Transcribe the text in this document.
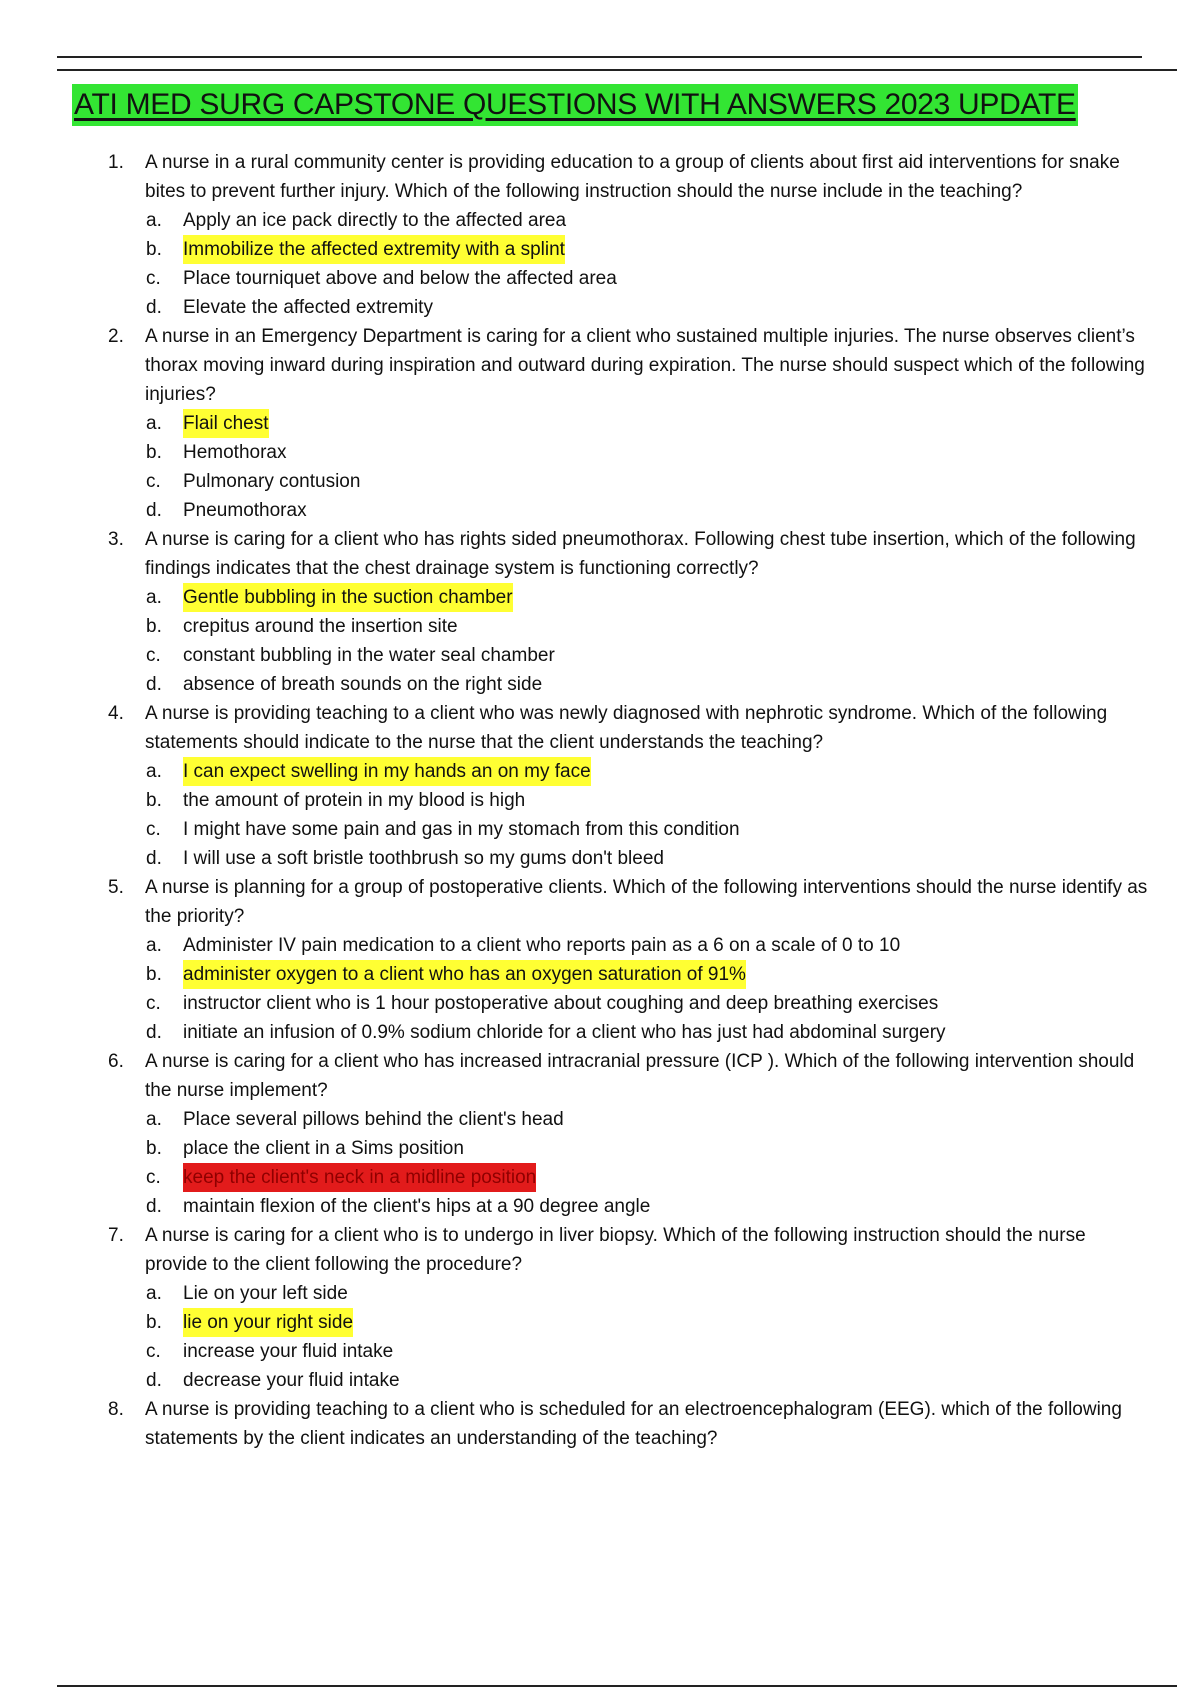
ATI MED SURG CAPSTONE QUESTIONS WITH ANSWERS 2023 UPDATE
1.	A nurse in a rural community center is providing education to a group of clients about first aid interventions for snake bites to prevent further injury. Which of the following instruction should the nurse include in the teaching?
a.	Apply an ice pack directly to the affected area
b.	Immobilize the affected extremity with a splint
c.	Place tourniquet above and below the affected area
d.	Elevate the affected extremity
2.	A nurse in an Emergency Department is caring for a client who sustained multiple injuries. The nurse observes client’s thorax moving inward during inspiration and outward during expiration. The nurse should suspect which of the following injuries?
a.	Flail chest
b.	Hemothorax
c.	Pulmonary contusion
d.	Pneumothorax
3.	A nurse is caring for a client who has rights sided pneumothorax. Following chest tube insertion, which of the following findings indicates that the chest drainage system is functioning correctly?
a.	Gentle bubbling in the suction chamber
b.	crepitus around the insertion site
c.	constant bubbling in the water seal chamber
d.	absence of breath sounds on the right side
4.	A nurse is providing teaching to a client who was newly diagnosed with nephrotic syndrome. Which of the following statements should indicate to the nurse that the client understands the teaching?
a.	I can expect swelling in my hands an on my face
b.	the amount of protein in my blood is high
c.	I might have some pain and gas in my stomach from this condition
d.	I will use a soft bristle toothbrush so my gums don't bleed
5.	A nurse is planning for a group of postoperative clients. Which of the following interventions should the nurse identify as the priority?
a.	Administer IV pain medication to a client who reports pain as a 6 on a scale of 0 to 10
b.	administer oxygen to a client who has an oxygen saturation of 91%
c.	instructor client who is 1 hour postoperative about coughing and deep breathing exercises
d.	initiate an infusion of 0.9% sodium chloride for a client who has just had abdominal surgery
6.	A nurse is caring for a client who has increased intracranial pressure (ICP ). Which of the following intervention should the nurse implement?
a.	Place several pillows behind the client's head
b.	place the client in a Sims position
c.	keep the client's neck in a midline position
d.	maintain flexion of the client's hips at a 90 degree angle
7.	A nurse is caring for a client who is to undergo in liver biopsy. Which of the following instruction should the nurse provide to the client following the procedure?
a.	Lie on your left side
b.	lie on your right side
c.	increase your fluid intake
d.	decrease your fluid intake
8.	A nurse is providing teaching to a client who is scheduled for an electroencephalogram (EEG). which of the following statements by the client indicates an understanding of the teaching?
